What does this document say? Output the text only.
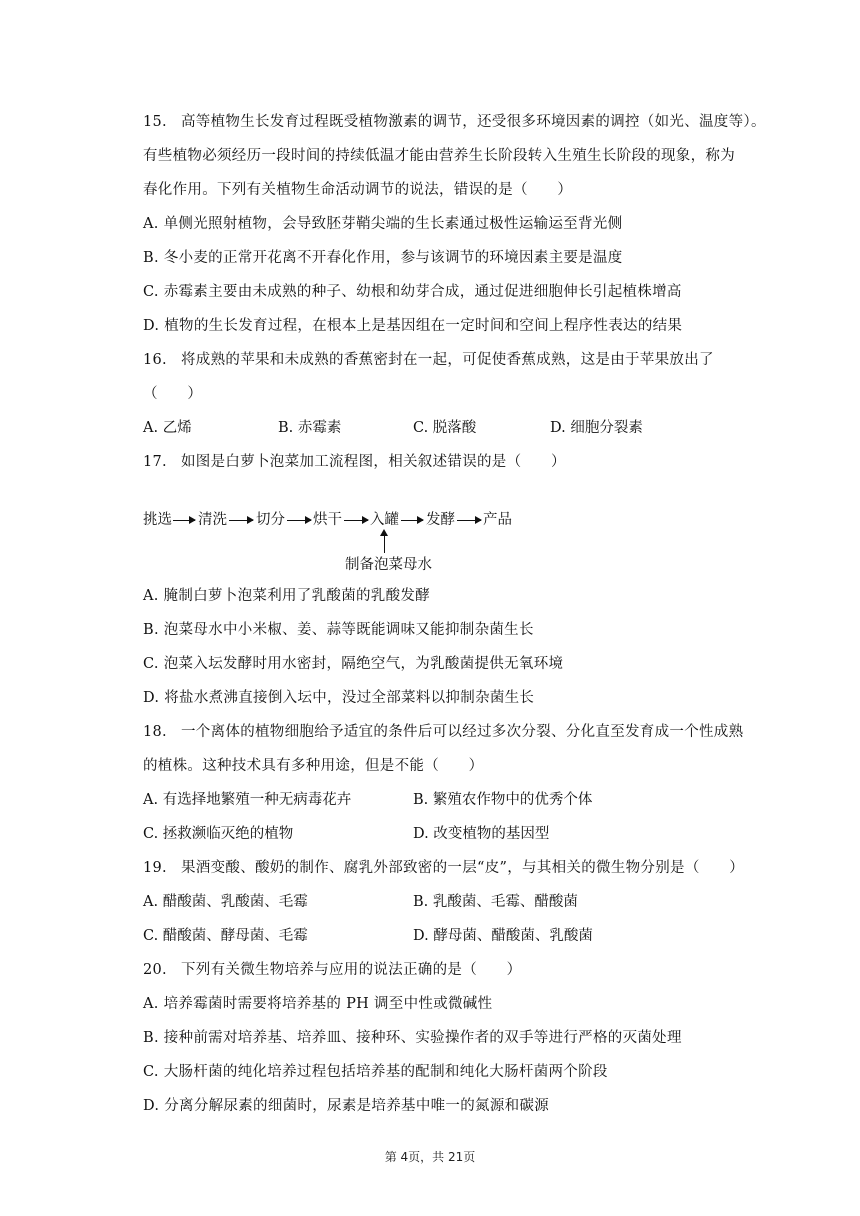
15. 高等植物生长发育过程既受植物激素的调节，还受很多环境因素的调控（如光、温度等）。
有些植物必须经历一段时间的持续低温才能由营养生长阶段转入生殖生长阶段的现象，称为
春化作用。下列有关植物生命活动调节的说法，错误的是（　　）
A. 单侧光照射植物，会导致胚芽鞘尖端的生长素通过极性运输运至背光侧
B. 冬小麦的正常开花离不开春化作用，参与该调节的环境因素主要是温度
C. 赤霉素主要由未成熟的种子、幼根和幼芽合成，通过促进细胞伸长引起植株增高
D. 植物的生长发育过程，在根本上是基因组在一定时间和空间上程序性表达的结果
16. 将成熟的苹果和未成熟的香蕉密封在一起，可促使香蕉成熟，这是由于苹果放出了
（　　）
A. 乙烯	B. 赤霉素	C. 脱落酸	D. 细胞分裂素
17. 如图是白萝卜泡菜加工流程图，相关叙述错误的是（　　）
挑选 清洗 切分 烘干 入罐 发酵 产品
制备泡菜母水
A. 腌制白萝卜泡菜利用了乳酸菌的乳酸发酵
B. 泡菜母水中小米椒、姜、蒜等既能调味又能抑制杂菌生长
C. 泡菜入坛发酵时用水密封，隔绝空气，为乳酸菌提供无氧环境
D. 将盐水煮沸直接倒入坛中，没过全部菜料以抑制杂菌生长
18. 一个离体的植物细胞给予适宜的条件后可以经过多次分裂、分化直至发育成一个性成熟
的植株。这种技术具有多种用途，但是不能（　　）
A. 有选择地繁殖一种无病毒花卉	B. 繁殖农作物中的优秀个体
C. 拯救濒临灭绝的植物	D. 改变植物的基因型
19. 果酒变酸、酸奶的制作、腐乳外部致密的一层“皮”，与其相关的微生物分别是（　　）
A. 醋酸菌、乳酸菌、毛霉	B. 乳酸菌、毛霉、醋酸菌
C. 醋酸菌、酵母菌、毛霉	D. 酵母菌、醋酸菌、乳酸菌
20. 下列有关微生物培养与应用的说法正确的是（　　）
A. 培养霉菌时需要将培养基的 PH 调至中性或微碱性
B. 接种前需对培养基、培养皿、接种环、实验操作者的双手等进行严格的灭菌处理
C. 大肠杆菌的纯化培养过程包括培养基的配制和纯化大肠杆菌两个阶段
D. 分离分解尿素的细菌时，尿素是培养基中唯一的氮源和碳源
第 4页，共 21页
